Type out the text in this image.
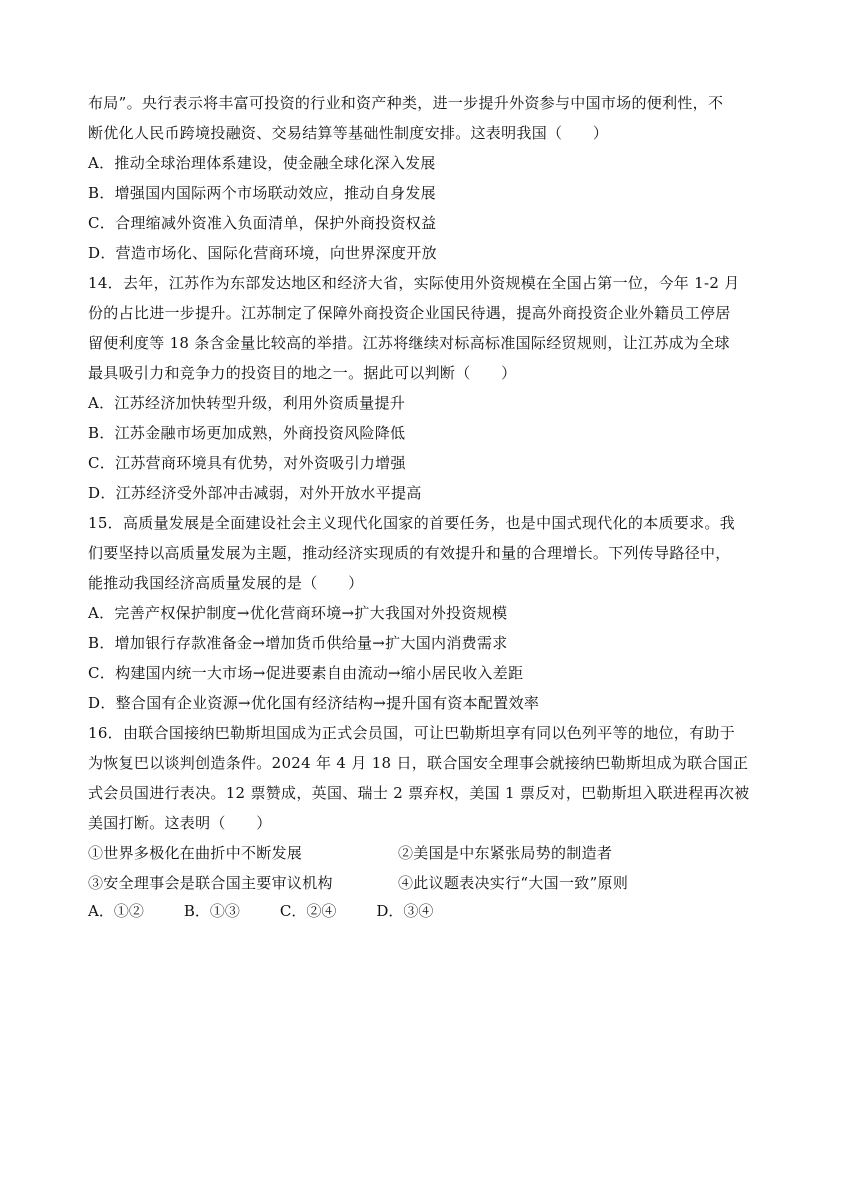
布局”。央行表示将丰富可投资的行业和资产种类，进一步提升外资参与中国市场的便利性，不
断优化人民币跨境投融资、交易结算等基础性制度安排。这表明我国（　　）
A．推动全球治理体系建设，使金融全球化深入发展
B．增强国内国际两个市场联动效应，推动自身发展
C．合理缩减外资准入负面清单，保护外商投资权益
D．营造市场化、国际化营商环境，向世界深度开放
14．去年，江苏作为东部发达地区和经济大省，实际使用外资规模在全国占第一位，今年 1-2 月
份的占比进一步提升。江苏制定了保障外商投资企业国民待遇，提高外商投资企业外籍员工停居
留便利度等 18 条含金量比较高的举措。江苏将继续对标高标准国际经贸规则，让江苏成为全球
最具吸引力和竞争力的投资目的地之一。据此可以判断（　　）
A．江苏经济加快转型升级，利用外资质量提升
B．江苏金融市场更加成熟，外商投资风险降低
C．江苏营商环境具有优势，对外资吸引力增强
D．江苏经济受外部冲击减弱，对外开放水平提高
15．高质量发展是全面建设社会主义现代化国家的首要任务，也是中国式现代化的本质要求。我
们要坚持以高质量发展为主题，推动经济实现质的有效提升和量的合理增长。下列传导路径中，
能推动我国经济高质量发展的是（　　）
A．完善产权保护制度→优化营商环境→扩大我国对外投资规模
B．增加银行存款准备金→增加货币供给量→扩大国内消费需求
C．构建国内统一大市场→促进要素自由流动→缩小居民收入差距
D．整合国有企业资源→优化国有经济结构→提升国有资本配置效率
16．由联合国接纳巴勒斯坦国成为正式会员国，可让巴勒斯坦享有同以色列平等的地位，有助于
为恢复巴以谈判创造条件。2024 年 4 月 18 日，联合国安全理事会就接纳巴勒斯坦成为联合国正
式会员国进行表决。12 票赞成，英国、瑞士 2 票弃权，美国 1 票反对，巴勒斯坦入联进程再次被
美国打断。这表明（　　）
①世界多极化在曲折中不断发展	②美国是中东紧张局势的制造者
③安全理事会是联合国主要审议机构	④此议题表决实行“大国一致”原则
A．①②	B．①③	C．②④	D．③④
